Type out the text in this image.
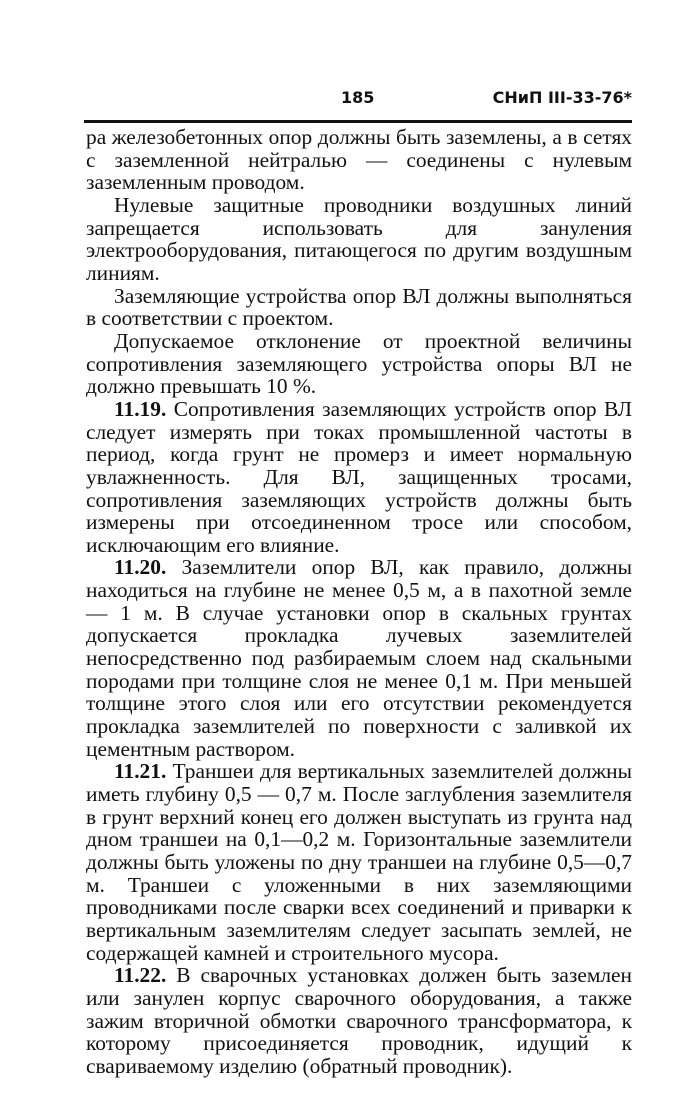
185	СНиП III-33-76*

ра железобетонных опор должны быть заземлены, а в сетях с заземленной нейтралью — соединены с нулевым заземленным проводом.

Нулевые защитные проводники воздушных линий запрещается использовать для зануления электрооборудования, питающегося по другим воздушным линиям.

Заземляющие устройства опор ВЛ должны выполняться в соответствии с проектом.

Допускаемое отклонение от проектной величины сопротивления заземляющего устройства опоры ВЛ не должно превышать 10 %.

11.19. Сопротивления заземляющих устройств опор ВЛ следует измерять при токах промышленной частоты в период, когда грунт не промерз и имеет нормальную увлажненность. Для ВЛ, защищенных тросами, сопротивления заземляющих устройств должны быть измерены при отсоединенном тросе или способом, исключающим его влияние.

11.20. Заземлители опор ВЛ, как правило, должны находиться на глубине не менее 0,5 м, а в пахотной земле — 1 м. В случае установки опор в скальных грунтах допускается прокладка лучевых заземлителей непосредственно под разбираемым слоем над скальными породами при толщине слоя не менее 0,1 м. При меньшей толщине этого слоя или его отсутствии рекомендуется прокладка заземлителей по поверхности с заливкой их цементным раствором.

11.21. Траншеи для вертикальных заземлителей должны иметь глубину 0,5 — 0,7 м. После заглубления заземлителя в грунт верхний конец его должен выступать из грунта над дном траншеи на 0,1—0,2 м. Горизонтальные заземлители должны быть уложены по дну траншеи на глубине 0,5—0,7 м. Траншеи с уложенными в них заземляющими проводниками после сварки всех соединений и приварки к вертикальным заземлителям следует засыпать землей, не содержащей камней и строительного мусора.

11.22. В сварочных установках должен быть заземлен или занулен корпус сварочного оборудования, а также зажим вторичной обмотки сварочного трансформатора, к которому присоединяется проводник, идущий к свариваемому изделию (обратный проводник).
